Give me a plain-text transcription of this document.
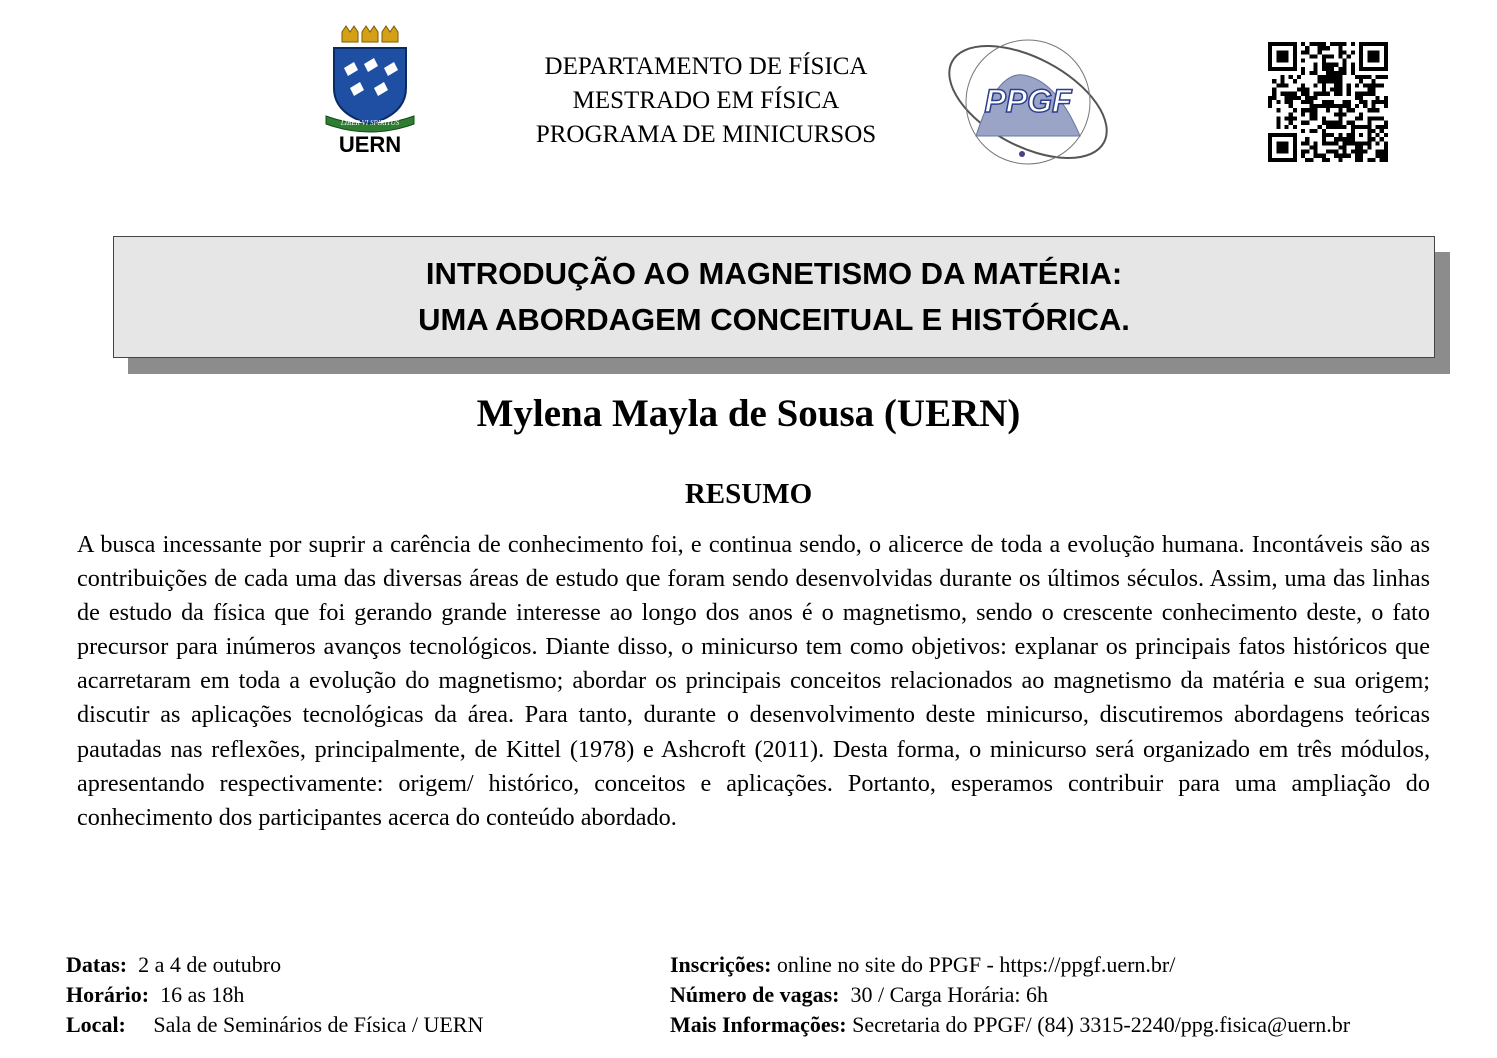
LIBER VI SPIRITUS
UERN
DEPARTAMENTO DE FÍSICA
MESTRADO EM FÍSICA
PROGRAMA DE MINICURSOS
PPGF
INTRODUÇÃO AO MAGNETISMO DA MATÉRIA:
UMA ABORDAGEM CONCEITUAL E HISTÓRICA.
Mylena Mayla de Sousa (UERN)
RESUMO
A busca incessante por suprir a carência de conhecimento foi, e continua sendo, o alicerce de toda a evolução humana. Incontáveis são as contribuições de cada uma das diversas áreas de estudo que foram sendo desenvolvidas durante os últimos séculos. Assim, uma das linhas de estudo da física que foi gerando grande interesse ao longo dos anos é o magnetismo, sendo o crescente conhecimento deste, o fato precursor para inúmeros avanços tecnológicos. Diante disso, o minicurso tem como objetivos: explanar os principais fatos históricos que acarretaram em toda a evolução do magnetismo; abordar os principais conceitos relacionados ao magnetismo da matéria e sua origem; discutir as aplicações tecnológicas da área. Para tanto, durante o desenvolvimento deste minicurso, discutiremos abordagens teóricas pautadas nas reflexões, principalmente, de Kittel (1978) e Ashcroft (2011). Desta forma, o minicurso será organizado em três módulos, apresentando respectivamente: origem/ histórico, conceitos e aplicações. Portanto, esperamos contribuir para uma ampliação do conhecimento dos participantes acerca do conteúdo abordado.
Datas: 2 a 4 de outubro
Horário: 16 as 18h
Local: Sala de Seminários de Física / UERN
Inscrições: online no site do PPGF - https://ppgf.uern.br/
Número de vagas: 30 / Carga Horária: 6h
Mais Informações: Secretaria do PPGF/ (84) 3315-2240/ppg.fisica@uern.br
